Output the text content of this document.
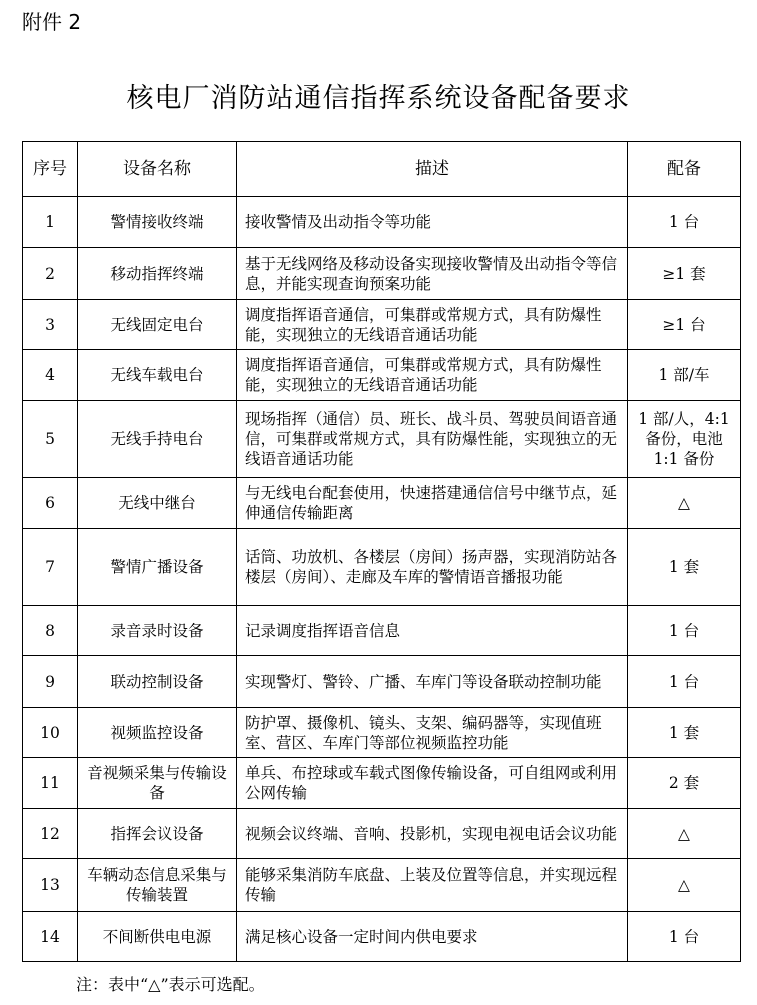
附件 2
核电厂消防站通信指挥系统设备配备要求
序号	设备名称	描述	配备
1	警情接收终端	接收警情及出动指令等功能	1 台
2	移动指挥终端	基于无线网络及移动设备实现接收警情及出动指令等信息，并能实现查询预案功能	≥1 套
3	无线固定电台	调度指挥语音通信，可集群或常规方式，具有防爆性能，实现独立的无线语音通话功能	≥1 台
4	无线车载电台	调度指挥语音通信，可集群或常规方式，具有防爆性能，实现独立的无线语音通话功能	1 部/车
5	无线手持电台	现场指挥（通信）员、班长、战斗员、驾驶员间语音通信，可集群或常规方式，具有防爆性能，实现独立的无线语音通话功能	1 部/人，4:1 备份，电池 1:1 备份
6	无线中继台	与无线电台配套使用，快速搭建通信信号中继节点，延伸通信传输距离	△
7	警情广播设备	话筒、功放机、各楼层（房间）扬声器，实现消防站各楼层（房间）、走廊及车库的警情语音播报功能	1 套
8	录音录时设备	记录调度指挥语音信息	1 台
9	联动控制设备	实现警灯、警铃、广播、车库门等设备联动控制功能	1 台
10	视频监控设备	防护罩、摄像机、镜头、支架、编码器等，实现值班室、营区、车库门等部位视频监控功能	1 套
11	音视频采集与传输设备	单兵、布控球或车载式图像传输设备，可自组网或利用公网传输	2 套
12	指挥会议设备	视频会议终端、音响、投影机，实现电视电话会议功能	△
13	车辆动态信息采集与传输装置	能够采集消防车底盘、上装及位置等信息，并实现远程传输	△
14	不间断供电电源	满足核心设备一定时间内供电要求	1 台
注：表中“△”表示可选配。
